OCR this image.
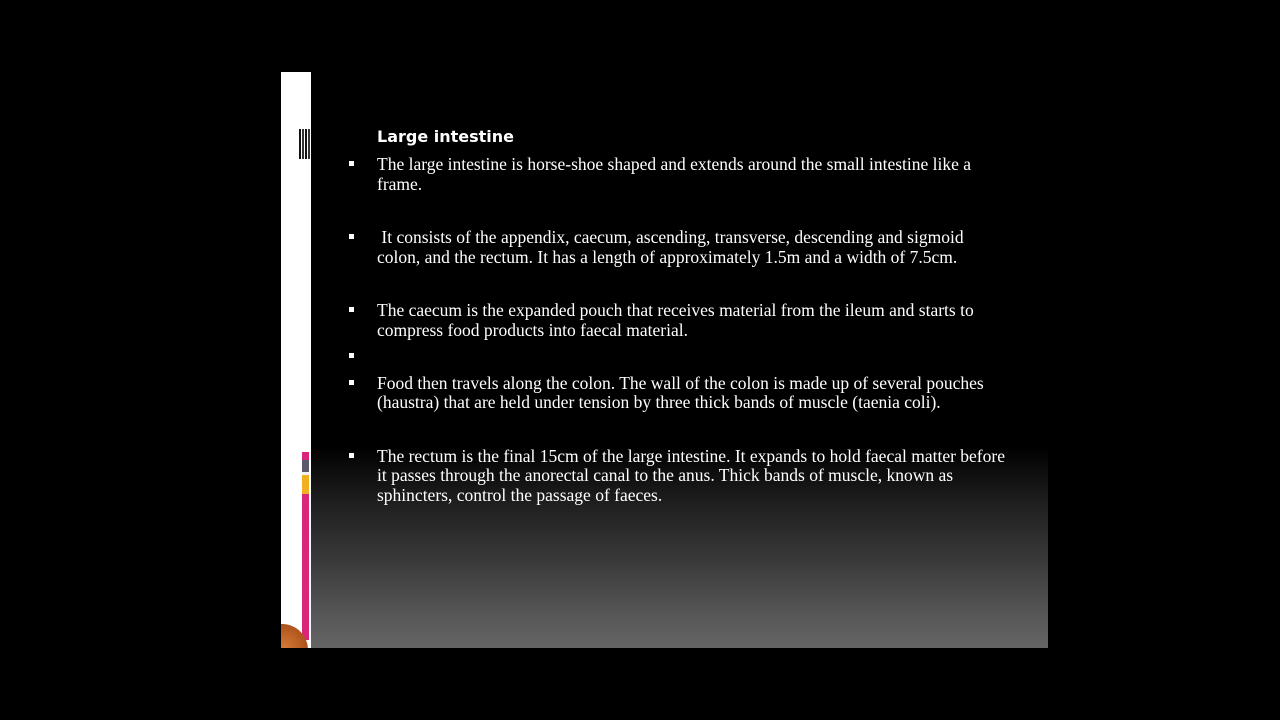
Large intestine
The large intestine is horse-shoe shaped and extends around the small intestine like a frame.
It consists of the appendix, caecum, ascending, transverse, descending and sigmoid colon, and the rectum. It has a length of approximately 1.5m and a width of 7.5cm.
The caecum is the expanded pouch that receives material from the ileum and starts to compress food products into faecal material.
Food then travels along the colon. The wall of the colon is made up of several pouches (haustra) that are held under tension by three thick bands of muscle (taenia coli).
The rectum is the final 15cm of the large intestine. It expands to hold faecal matter before it passes through the anorectal canal to the anus. Thick bands of muscle, known as sphincters, control the passage of faeces.
